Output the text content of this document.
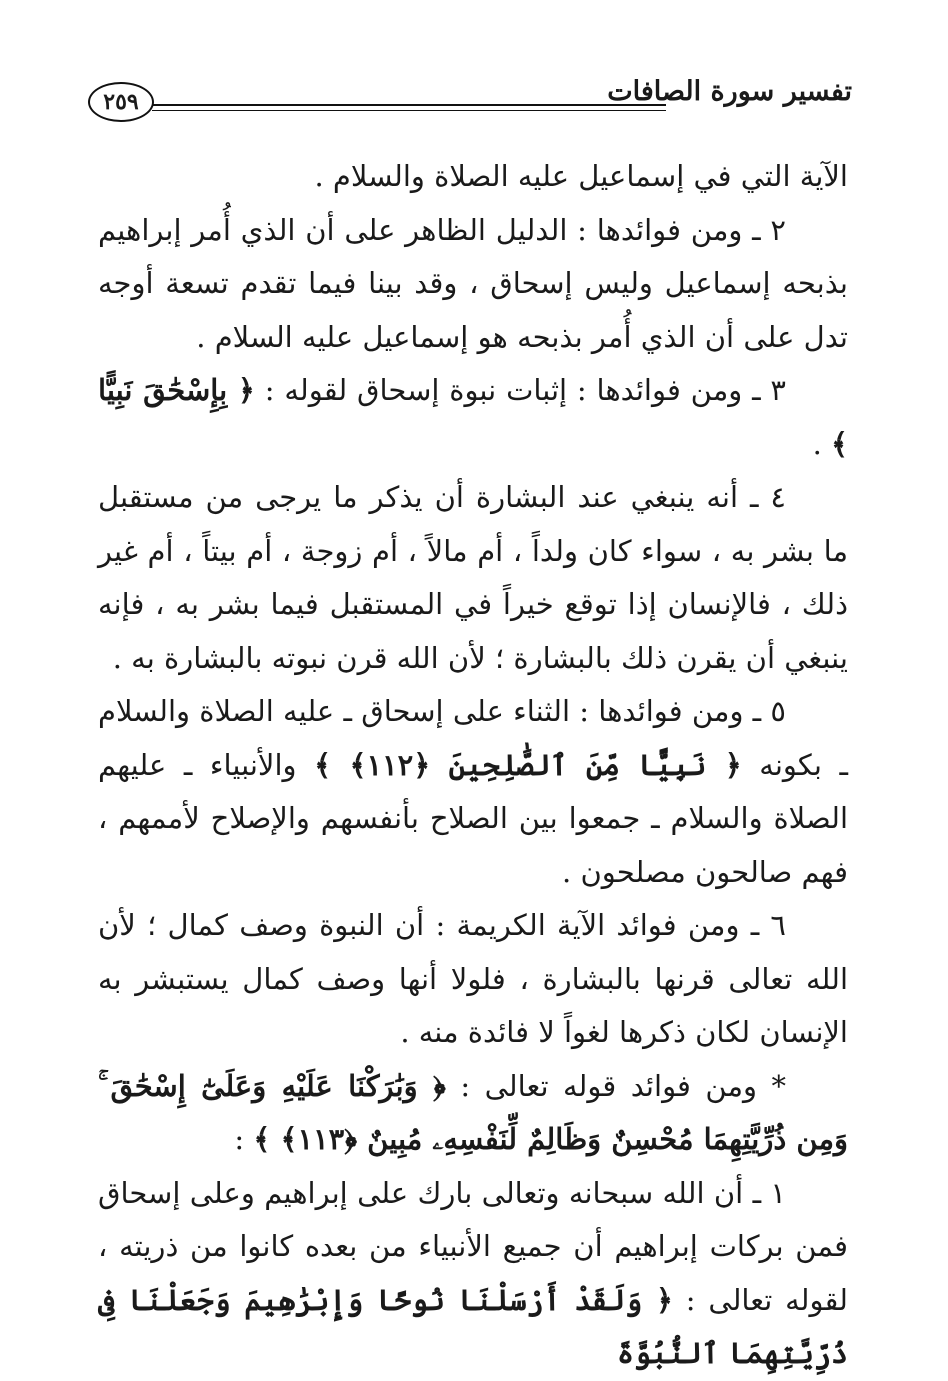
تفسير سورة الصافات
٢٥٩

الآية التي في إسماعيل عليه الصلاة والسلام .

٢ ـ ومن فوائدها : الدليل الظاهر على أن الذي أُمر إبراهيم بذبحه إسماعيل وليس إسحاق ، وقد بينا فيما تقدم تسعة أوجه تدل على أن الذي أُمر بذبحه هو إسماعيل عليه السلام .

٣ ـ ومن فوائدها : إثبات نبوة إسحاق لقوله : ﴿ بِإِسْحَٰقَ نَبِيًّا ﴾ .

٤ ـ أنه ينبغي عند البشارة أن يذكر ما يرجى من مستقبل ما بشر به ، سواء كان ولداً ، أم مالاً ، أم زوجة ، أم بيتاً ، أم غير ذلك ، فالإنسان إذا توقع خيراً في المستقبل فيما بشر به ، فإنه ينبغي أن يقرن ذلك بالبشارة ؛ لأن الله قرن نبوته بالبشارة به .

٥ ـ ومن فوائدها : الثناء على إسحاق ـ عليه الصلاة والسلام ـ بكونه ﴿ نَبِيًّا مِّنَ ٱلصَّٰلِحِينَ ﴿١١٢﴾ ﴾ والأنبياء ـ عليهم الصلاة والسلام ـ جمعوا بين الصلاح بأنفسهم والإصلاح لأممهم ، فهم صالحون مصلحون .

٦ ـ ومن فوائد الآية الكريمة : أن النبوة وصف كمال ؛ لأن الله تعالى قرنها بالبشارة ، فلولا أنها وصف كمال يستبشر به الإنسان لكان ذكرها لغواً لا فائدة منه .

* ومن فوائد قوله تعالى : ﴿ وَبَٰرَكْنَا عَلَيْهِ وَعَلَىٰٓ إِسْحَٰقَ ۚ وَمِن ذُرِّيَّتِهِمَا مُحْسِنٌ وَظَالِمٌ لِّنَفْسِهِۦ مُبِينٌ ﴿١١٣﴾ ﴾ :

١ ـ أن الله سبحانه وتعالى بارك على إبراهيم وعلى إسحاق فمن بركات إبراهيم أن جميع الأنبياء من بعده كانوا من ذريته ، لقوله تعالى : ﴿ وَلَقَدْ أَرْسَلْنَا نُوحًا وَإِبْرَٰهِيمَ وَجَعَلْنَا فِى ذُرِّيَّتِهِمَا ٱلنُّبُوَّةَ
